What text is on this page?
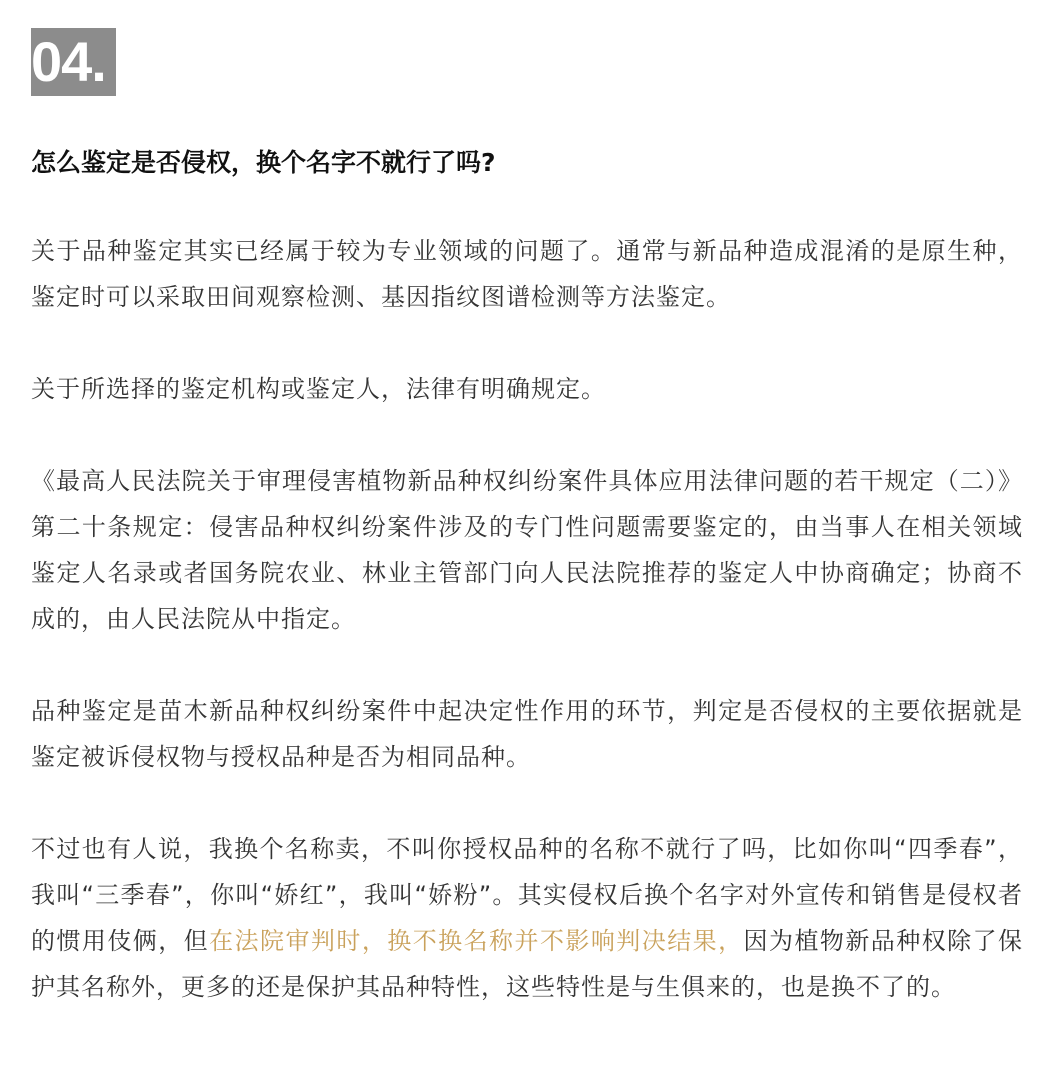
04.
怎么鉴定是否侵权，换个名字不就行了吗?

关于品种鉴定其实已经属于较为专业领域的问题了。通常与新品种造成混淆的是原生种，鉴定时可以采取田间观察检测、基因指纹图谱检测等方法鉴定。

关于所选择的鉴定机构或鉴定人，法律有明确规定。

《最高人民法院关于审理侵害植物新品种权纠纷案件具体应用法律问题的若干规定（二）》第二十条规定：侵害品种权纠纷案件涉及的专门性问题需要鉴定的，由当事人在相关领域鉴定人名录或者国务院农业、林业主管部门向人民法院推荐的鉴定人中协商确定；协商不成的，由人民法院从中指定。

品种鉴定是苗木新品种权纠纷案件中起决定性作用的环节，判定是否侵权的主要依据就是鉴定被诉侵权物与授权品种是否为相同品种。

不过也有人说，我换个名称卖，不叫你授权品种的名称不就行了吗，比如你叫“四季春”，我叫“三季春”，你叫“娇红”，我叫“娇粉”。其实侵权后换个名字对外宣传和销售是侵权者的惯用伎俩，但在法院审判时，换不换名称并不影响判决结果，因为植物新品种权除了保护其名称外，更多的还是保护其品种特性，这些特性是与生俱来的，也是换不了的。
